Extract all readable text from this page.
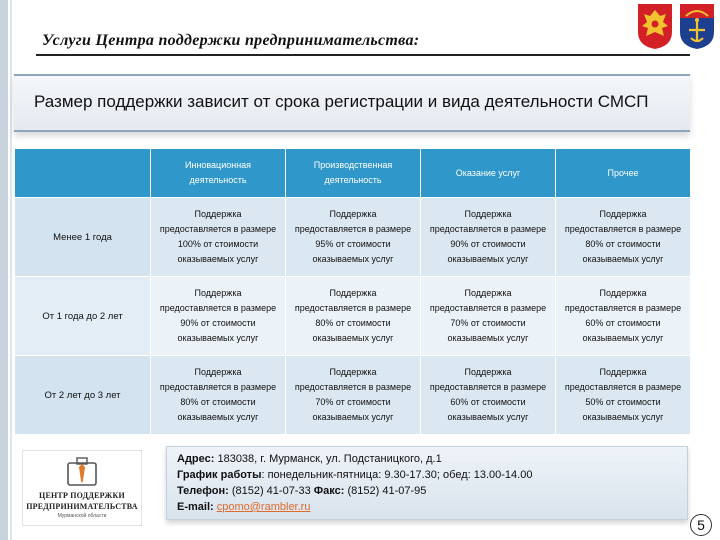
Услуги Центра поддержки предпринимательства:
Размер поддержки зависит от срока регистрации и вида деятельности СМСП

	Инновационная
деятельность	Производственная
деятельность	Оказание услуг	Прочее

Менее 1 года	Поддержка
предоставляется в размере
100% от стоимости
оказываемых услуг	Поддержка
предоставляется в размере
95% от стоимости
оказываемых услуг	Поддержка
предоставляется в размере
90% от стоимости
оказываемых услуг	Поддержка
предоставляется в размере
80% от стоимости
оказываемых услуг

От 1 года до 2 лет	Поддержка
предоставляется в размере
90% от стоимости
оказываемых услуг	Поддержка
предоставляется в размере
80% от стоимости
оказываемых услуг	Поддержка
предоставляется в размере
70% от стоимости
оказываемых услуг	Поддержка
предоставляется в размере
60% от стоимости
оказываемых услуг

От 2 лет до 3 лет	Поддержка
предоставляется в размере
80% от стоимости
оказываемых услуг	Поддержка
предоставляется в размере
70% от стоимости
оказываемых услуг	Поддержка
предоставляется в размере
60% от стоимости
оказываемых услуг	Поддержка
предоставляется в размере
50% от стоимости
оказываемых услуг
ЦЕНТР ПОДДЕРЖКИ
ПРЕДПРИНИМАТЕЛЬСТВА
Мурманской области
Адрес: 183038, г. Мурманск, ул. Подстаницкого, д.1
График работы: понедельник-пятница: 9.30-17.30; обед: 13.00-14.00
Телефон: (8152) 41-07-33 Факс: (8152) 41-07-95
E-mail: cpomo@rambler.ru
5
